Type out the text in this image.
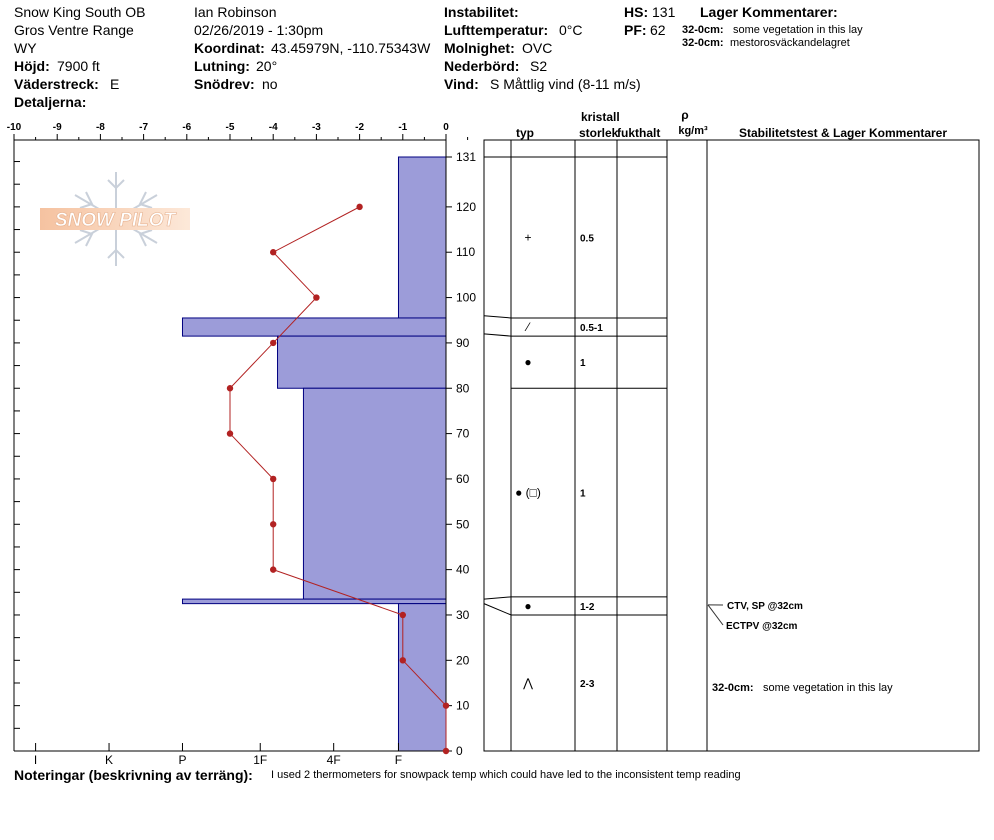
Snow King South OB
Gros Ventre Range
WY
Höjd: 7900 ft
Väderstreck: E
Detaljerna:
Ian Robinson
02/26/2019 - 1:30pm
Koordinat: 43.45979N, -110.75343W
Lutning: 20°
Snödrev: no
Instabilitet:
Lufttemperatur: 0°C
Molnighet: OVC
Nederbörd: S2
Vind: S Måttlig vind (8-11 m/s)
HS: 131
PF: 62
Lager Kommentarer:
32-0cm: some vegetation in this lay
32-0cm: mestorosväckandelagret
SNOW PILOT
-10	-9	-8	-7	-6	-5	-4	-3	-2	-1	0
0
10
20
30
40
50
60
70
80
90
100
110
120
131
I	K	P	1F	4F	F
kristall
typ	storlek
fukthalt
ρ
kg/m³	Stabilitetstest & Lager Kommentarer
+	0.5
⁄	0.5-1
●	1
● (□)	1
●	1-2
⋀	2-3
CTV, SP @32cm
ECTPV @32cm
32-0cm: some vegetation in this lay
Noteringar (beskrivning av terräng): I used 2 thermometers for snowpack temp which could have led to the inconsistent temp reading
